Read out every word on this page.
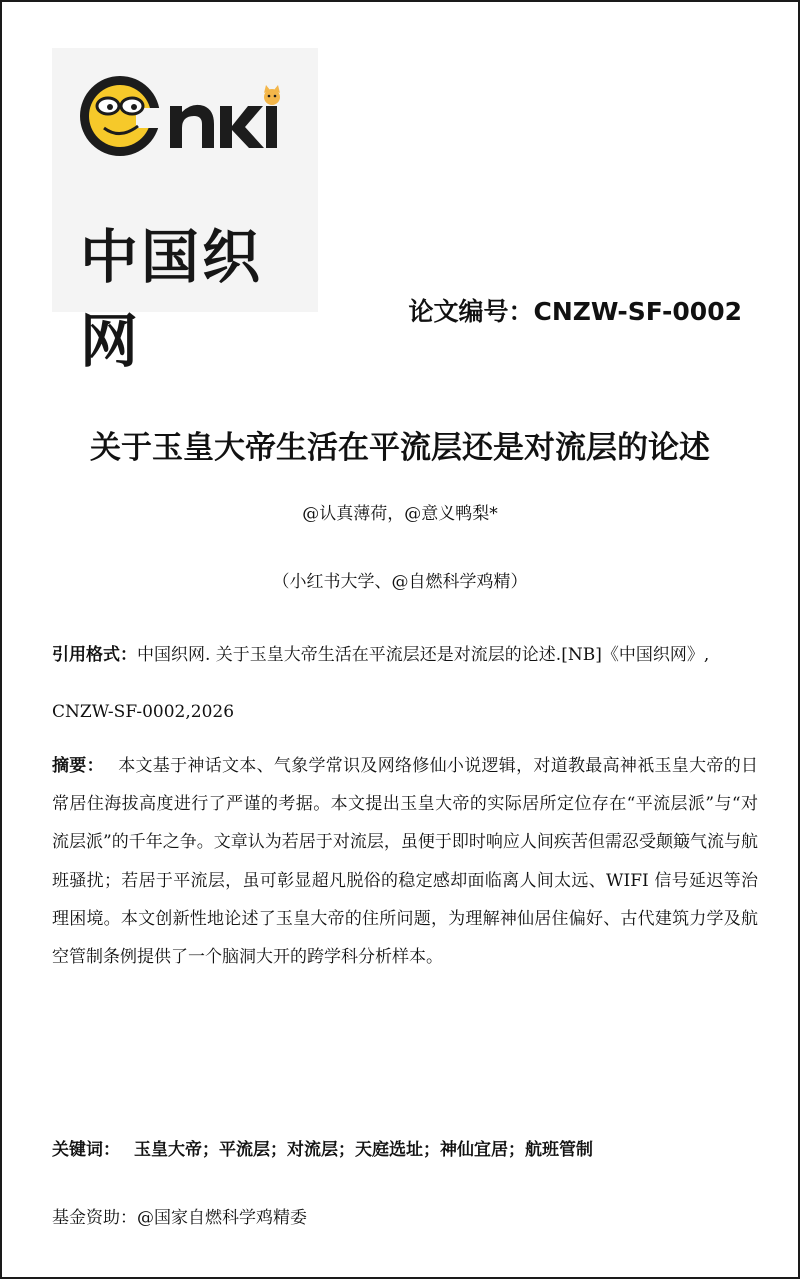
中国织网	论文编号：CNZW-SF-0002
关于玉皇大帝生活在平流层还是对流层的论述
@认真薄荷，@意义鸭梨*
（小红书大学、@自燃科学鸡精）
引用格式：中国织网. 关于玉皇大帝生活在平流层还是对流层的论述.[NB]《中国织网》, CNZW-SF-0002,2026
摘要： 本文基于神话文本、气象学常识及网络修仙小说逻辑，对道教最高神祇玉皇大帝的日常居住海拔高度进行了严谨的考据。本文提出玉皇大帝的实际居所定位存在“平流层派”与“对流层派”的千年之争。文章认为若居于对流层，虽便于即时响应人间疾苦但需忍受颠簸气流与航班骚扰；若居于平流层，虽可彰显超凡脱俗的稳定感却面临离人间太远、WIFI 信号延迟等治理困境。本文创新性地论述了玉皇大帝的住所问题，为理解神仙居住偏好、古代建筑力学及航空管制条例提供了一个脑洞大开的跨学科分析样本。
关键词： 玉皇大帝；平流层；对流层；天庭选址；神仙宜居；航班管制
基金资助：@国家自燃科学鸡精委
